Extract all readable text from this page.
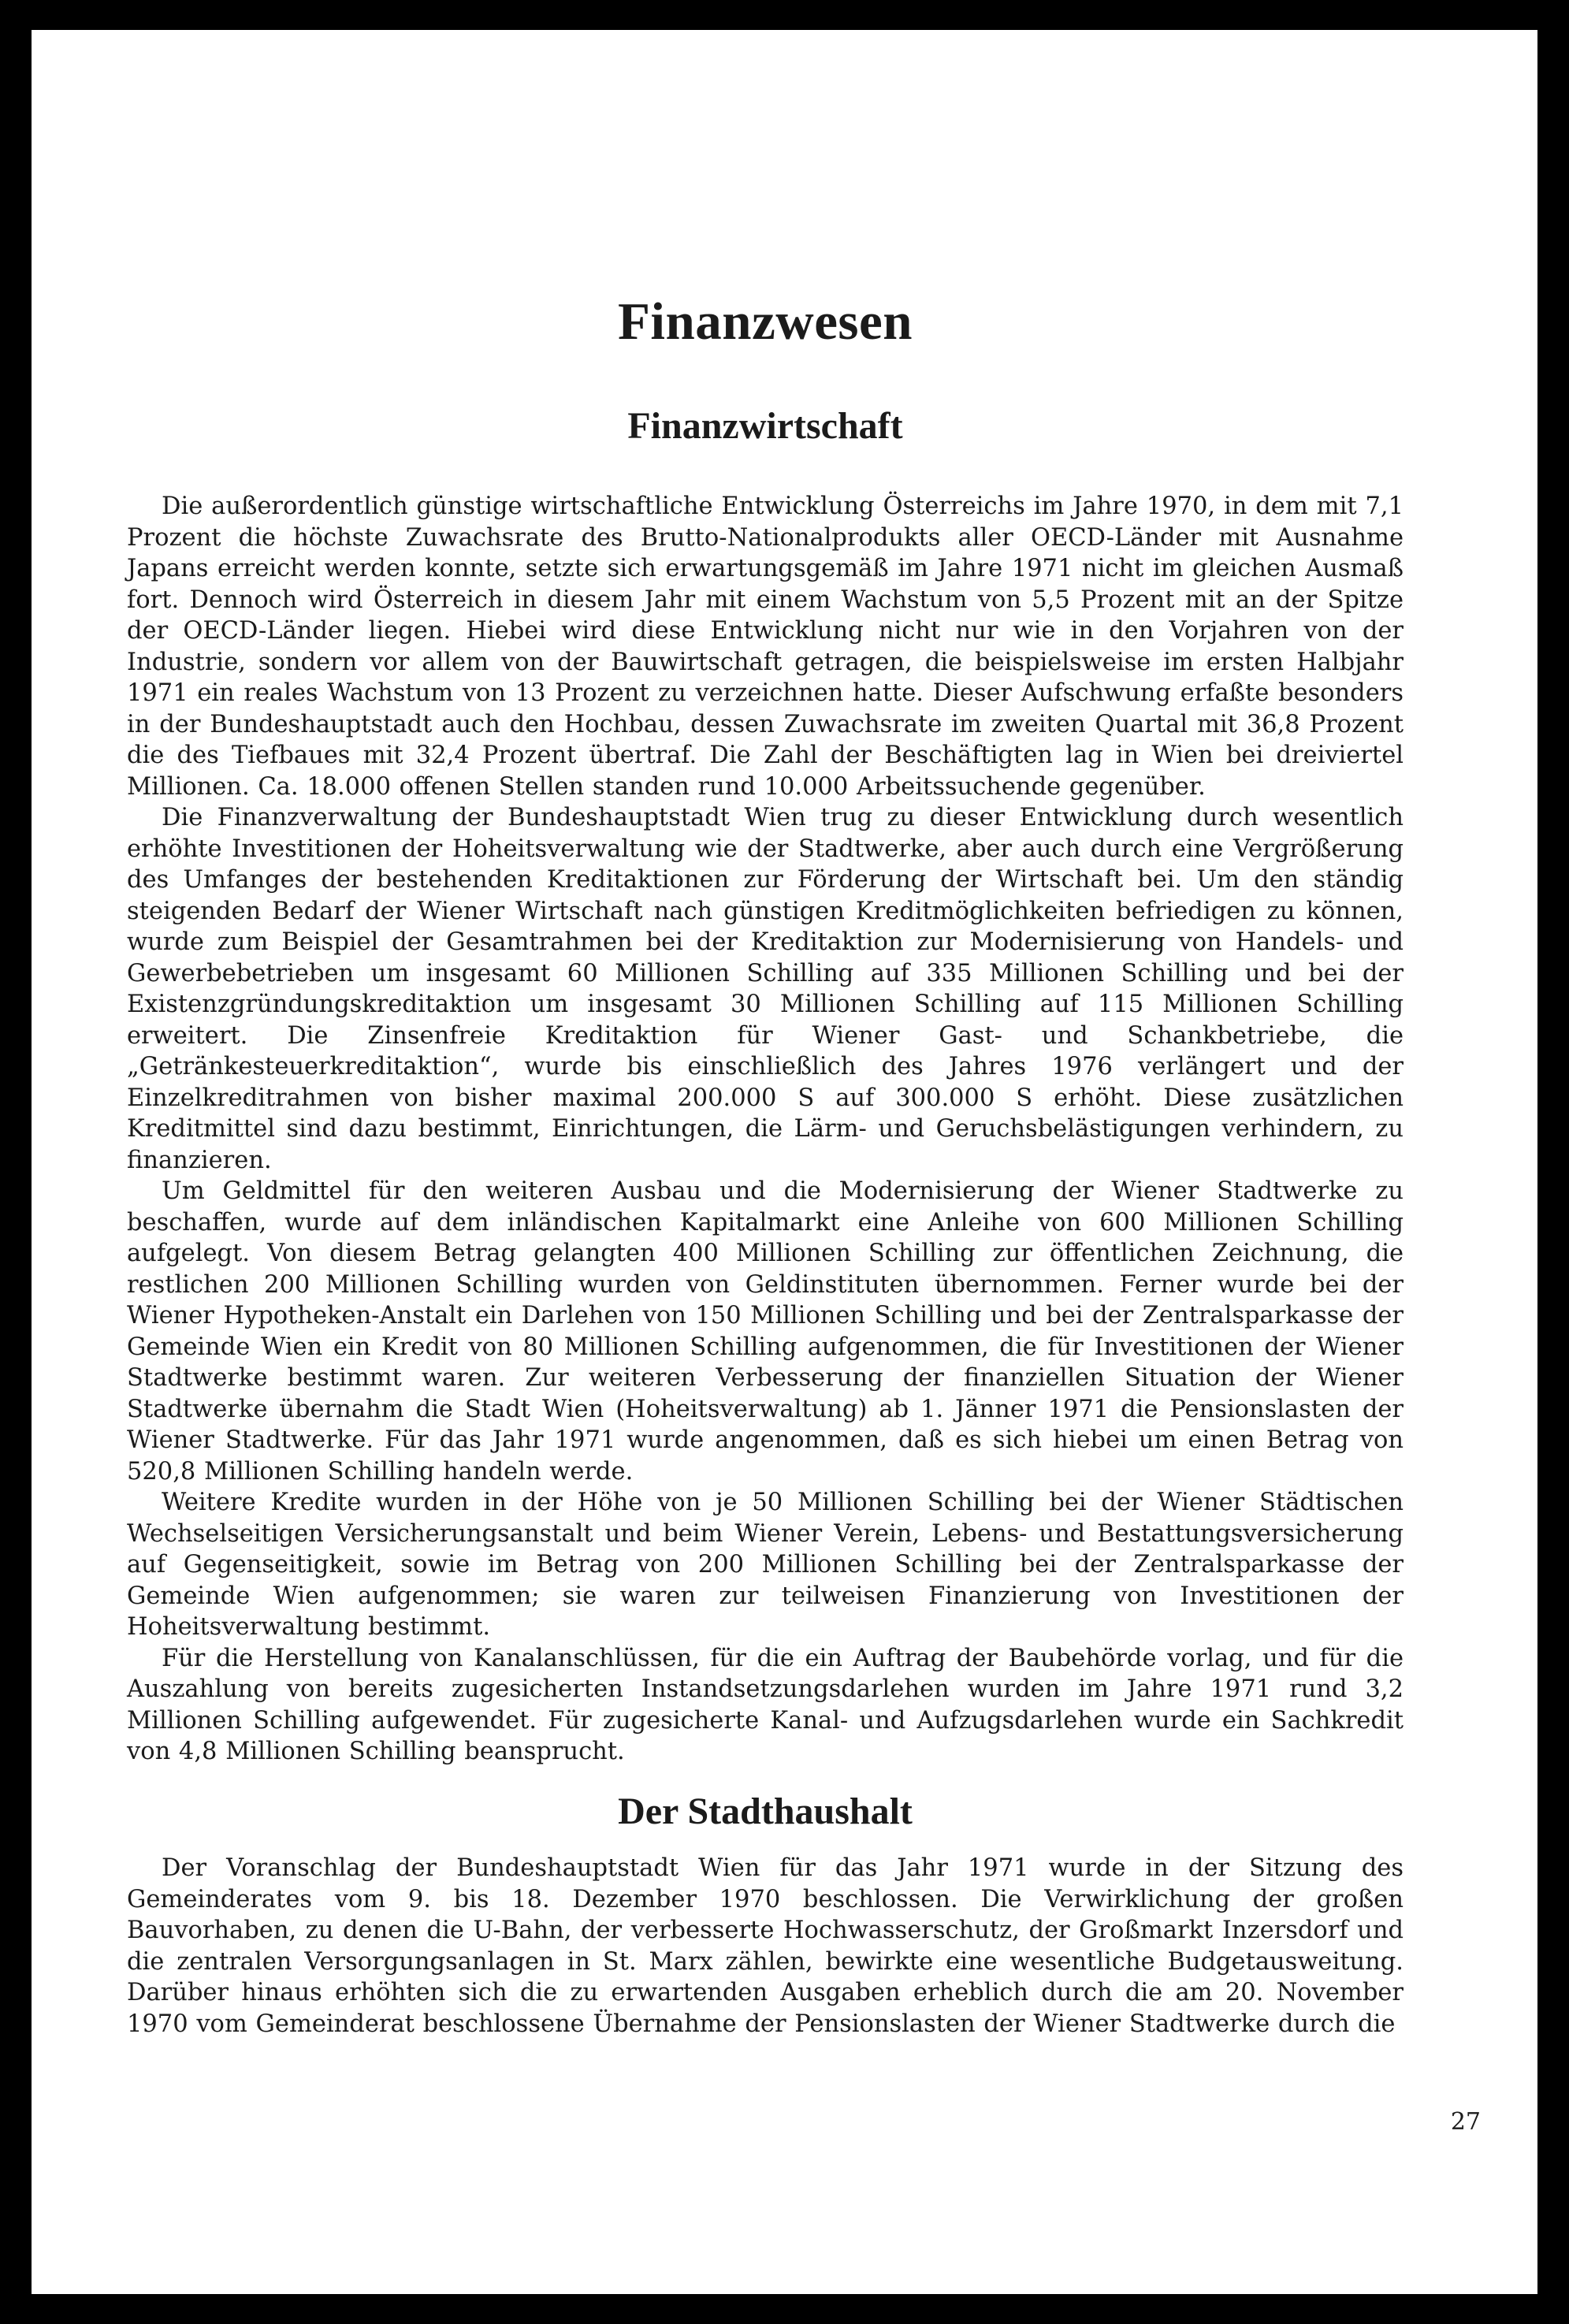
Finanzwesen
Finanzwirtschaft

Die außerordentlich günstige wirtschaftliche Entwicklung Österreichs im Jahre 1970, in dem mit 7,1 Prozent die höchste Zuwachsrate des Brutto-Nationalprodukts aller OECD-Länder mit Ausnahme Japans erreicht werden konnte, setzte sich erwartungsgemäß im Jahre 1971 nicht im gleichen Ausmaß fort. Dennoch wird Österreich in diesem Jahr mit einem Wachstum von 5,5 Prozent mit an der Spitze der OECD-Länder liegen. Hiebei wird diese Entwicklung nicht nur wie in den Vorjahren von der Industrie, sondern vor allem von der Bauwirtschaft getragen, die beispielsweise im ersten Halbjahr 1971 ein reales Wachstum von 13 Prozent zu verzeichnen hatte. Dieser Aufschwung erfaßte besonders in der Bundeshauptstadt auch den Hochbau, dessen Zuwachsrate im zweiten Quartal mit 36,8 Prozent die des Tiefbaues mit 32,4 Prozent übertraf. Die Zahl der Beschäftigten lag in Wien bei dreiviertel Millionen. Ca. 18.000 offenen Stellen standen rund 10.000 Arbeitssuchende gegenüber.

Die Finanzverwaltung der Bundeshauptstadt Wien trug zu dieser Entwicklung durch wesentlich erhöhte Investitionen der Hoheitsverwaltung wie der Stadtwerke, aber auch durch eine Vergrößerung des Umfanges der bestehenden Kreditaktionen zur Förderung der Wirtschaft bei. Um den ständig steigenden Bedarf der Wiener Wirtschaft nach günstigen Kreditmöglichkeiten befriedigen zu können, wurde zum Beispiel der Gesamtrahmen bei der Kreditaktion zur Modernisierung von Handels- und Gewerbebetrieben um insgesamt 60 Millionen Schilling auf 335 Millionen Schilling und bei der Existenzgründungskreditaktion um insgesamt 30 Millionen Schilling auf 115 Millionen Schilling erweitert. Die Zinsenfreie Kreditaktion für Wiener Gast- und Schankbetriebe, die „Getränkesteuerkreditaktion“, wurde bis einschließlich des Jahres 1976 verlängert und der Einzelkreditrahmen von bisher maximal 200.000 S auf 300.000 S erhöht. Diese zusätzlichen Kreditmittel sind dazu bestimmt, Einrichtungen, die Lärm- und Geruchsbelästigungen verhindern, zu finanzieren.

Um Geldmittel für den weiteren Ausbau und die Modernisierung der Wiener Stadtwerke zu beschaffen, wurde auf dem inländischen Kapitalmarkt eine Anleihe von 600 Millionen Schilling aufgelegt. Von diesem Betrag gelangten 400 Millionen Schilling zur öffentlichen Zeichnung, die restlichen 200 Millionen Schilling wurden von Geldinstituten übernommen. Ferner wurde bei der Wiener Hypotheken-Anstalt ein Darlehen von 150 Millionen Schilling und bei der Zentralsparkasse der Gemeinde Wien ein Kredit von 80 Millionen Schilling aufgenommen, die für Investitionen der Wiener Stadtwerke bestimmt waren. Zur weiteren Verbesserung der finanziellen Situation der Wiener Stadtwerke übernahm die Stadt Wien (Hoheitsverwaltung) ab 1. Jänner 1971 die Pensionslasten der Wiener Stadtwerke. Für das Jahr 1971 wurde angenommen, daß es sich hiebei um einen Betrag von 520,8 Millionen Schilling handeln werde.

Weitere Kredite wurden in der Höhe von je 50 Millionen Schilling bei der Wiener Städtischen Wechselseitigen Versicherungsanstalt und beim Wiener Verein, Lebens- und Bestattungsversicherung auf Gegenseitigkeit, sowie im Betrag von 200 Millionen Schilling bei der Zentralsparkasse der Gemeinde Wien aufgenommen; sie waren zur teilweisen Finanzierung von Investitionen der Hoheitsverwaltung bestimmt.

Für die Herstellung von Kanalanschlüssen, für die ein Auftrag der Baubehörde vorlag, und für die Auszahlung von bereits zugesicherten Instandsetzungsdarlehen wurden im Jahre 1971 rund 3,2 Millionen Schilling aufgewendet. Für zugesicherte Kanal- und Aufzugsdarlehen wurde ein Sachkredit von 4,8 Millionen Schilling beansprucht.

Der Stadthaushalt

Der Voranschlag der Bundeshauptstadt Wien für das Jahr 1971 wurde in der Sitzung des Gemeinderates vom 9. bis 18. Dezember 1970 beschlossen. Die Verwirklichung der großen Bauvorhaben, zu denen die U-Bahn, der verbesserte Hochwasserschutz, der Großmarkt Inzersdorf und die zentralen Versorgungsanlagen in St. Marx zählen, bewirkte eine wesentliche Budgetausweitung. Darüber hinaus erhöhten sich die zu erwartenden Ausgaben erheblich durch die am 20. November 1970 vom Gemeinderat beschlossene Übernahme der Pensionslasten der Wiener Stadtwerke durch die

27
